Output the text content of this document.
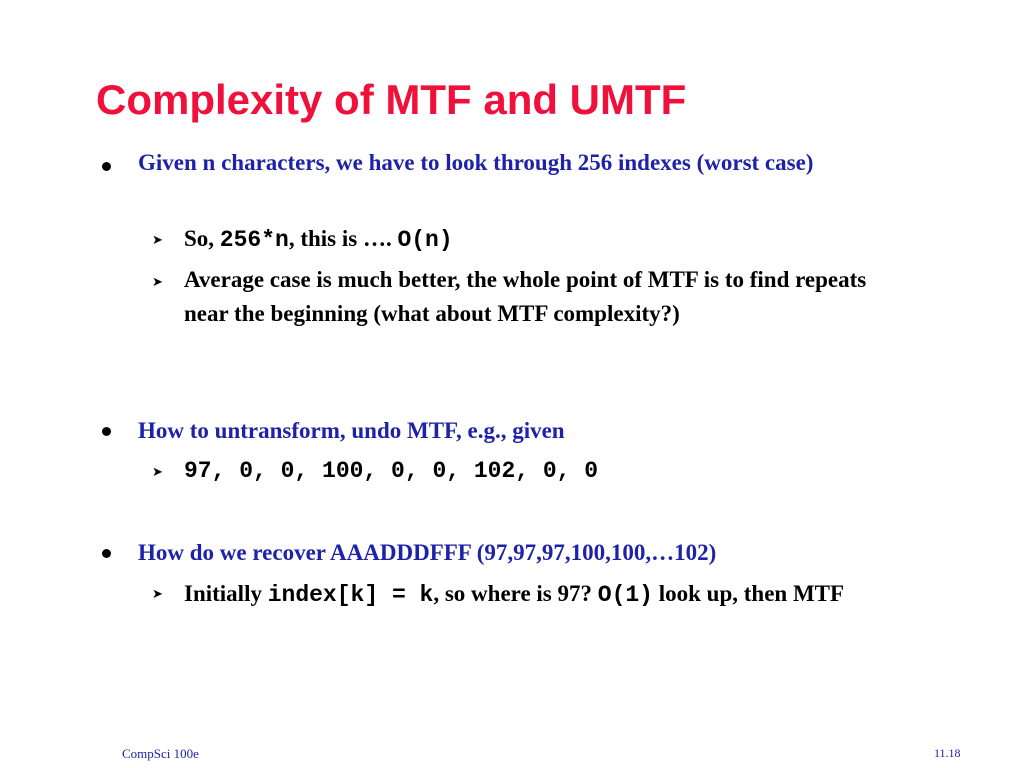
Complexity of MTF and UMTF
Given n characters, we have to look through 256 indexes (worst case)
➤ So, 256*n, this is …. O(n)
➤ Average case is much better, the whole point of MTF is to find repeats near the beginning (what about MTF complexity?)
How to untransform, undo MTF, e.g., given
➤ 97, 0, 0, 100, 0, 0, 102, 0, 0
How do we recover AAADDDFFF (97,97,97,100,100,…102)
➤ Initially index[k] = k, so where is 97? O(1) look up, then MTF
CompSci 100e	11.18
